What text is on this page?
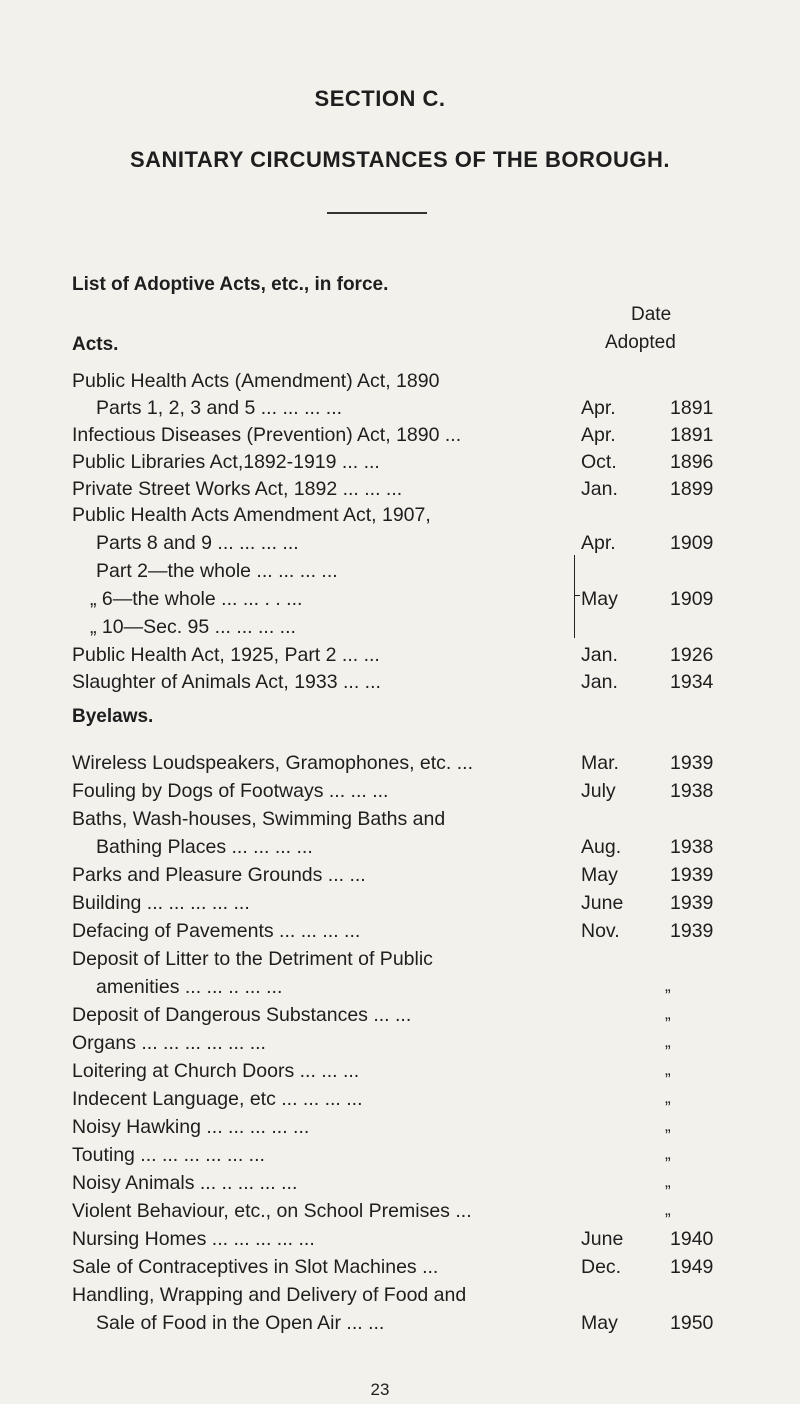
SECTION C.
SANITARY CIRCUMSTANCES OF THE BOROUGH.
List of Adoptive Acts, etc., in force.
Date
Acts.	Adopted
Public Health Acts (Amendment) Act, 1890
Parts 1, 2, 3 and 5 ... ... ... ...	Apr.	1891
Infectious Diseases (Prevention) Act, 1890 ...	Apr.	1891
Public Libraries Act,1892-1919 ... ...	Oct.	1896
Private Street Works Act, 1892 ... ... ...	Jan.	1899
Public Health Acts Amendment Act, 1907,
Parts 8 and 9 ... ... ... ...	Apr.	1909
Part 2—the whole ... ... ... ...
„ 6—the whole ... ... . . ...	May	1909
„ 10—Sec. 95 ... ... ... ...
Public Health Act, 1925, Part 2 ... ...	Jan.	1926
Slaughter of Animals Act, 1933 ... ...	Jan.	1934
Byelaws.
Wireless Loudspeakers, Gramophones, etc. ...	Mar.	1939
Fouling by Dogs of Footways ... ... ...	July	1938
Baths, Wash-houses, Swimming Baths and
Bathing Places ... ... ... ...	Aug.	1938
Parks and Pleasure Grounds ... ...	May	1939
Building ... ... ... ... ...	June 1939
Defacing of Pavements ... ... ... ...	Nov.	1939
Deposit of Litter to the Detriment of Public
amenities ... ... .. ... ...	„
Deposit of Dangerous Substances ... ...	„
Organs ... ... ... ... ... ...	„
Loitering at Church Doors ... ... ...	„
Indecent Language, etc ... ... ... ...	„
Noisy Hawking ... ... ... ... ...	„
Touting ... ... ... ... ... ...	„
Noisy Animals ... .. ... ... ...	„
Violent Behaviour, etc., on School Premises ...	„
Nursing Homes ... ... ... ... ...	June 1940
Sale of Contraceptives in Slot Machines ...	Dec.	1949
Handling, Wrapping and Delivery of Food and
Sale of Food in the Open Air ... ...	May	1950
23
